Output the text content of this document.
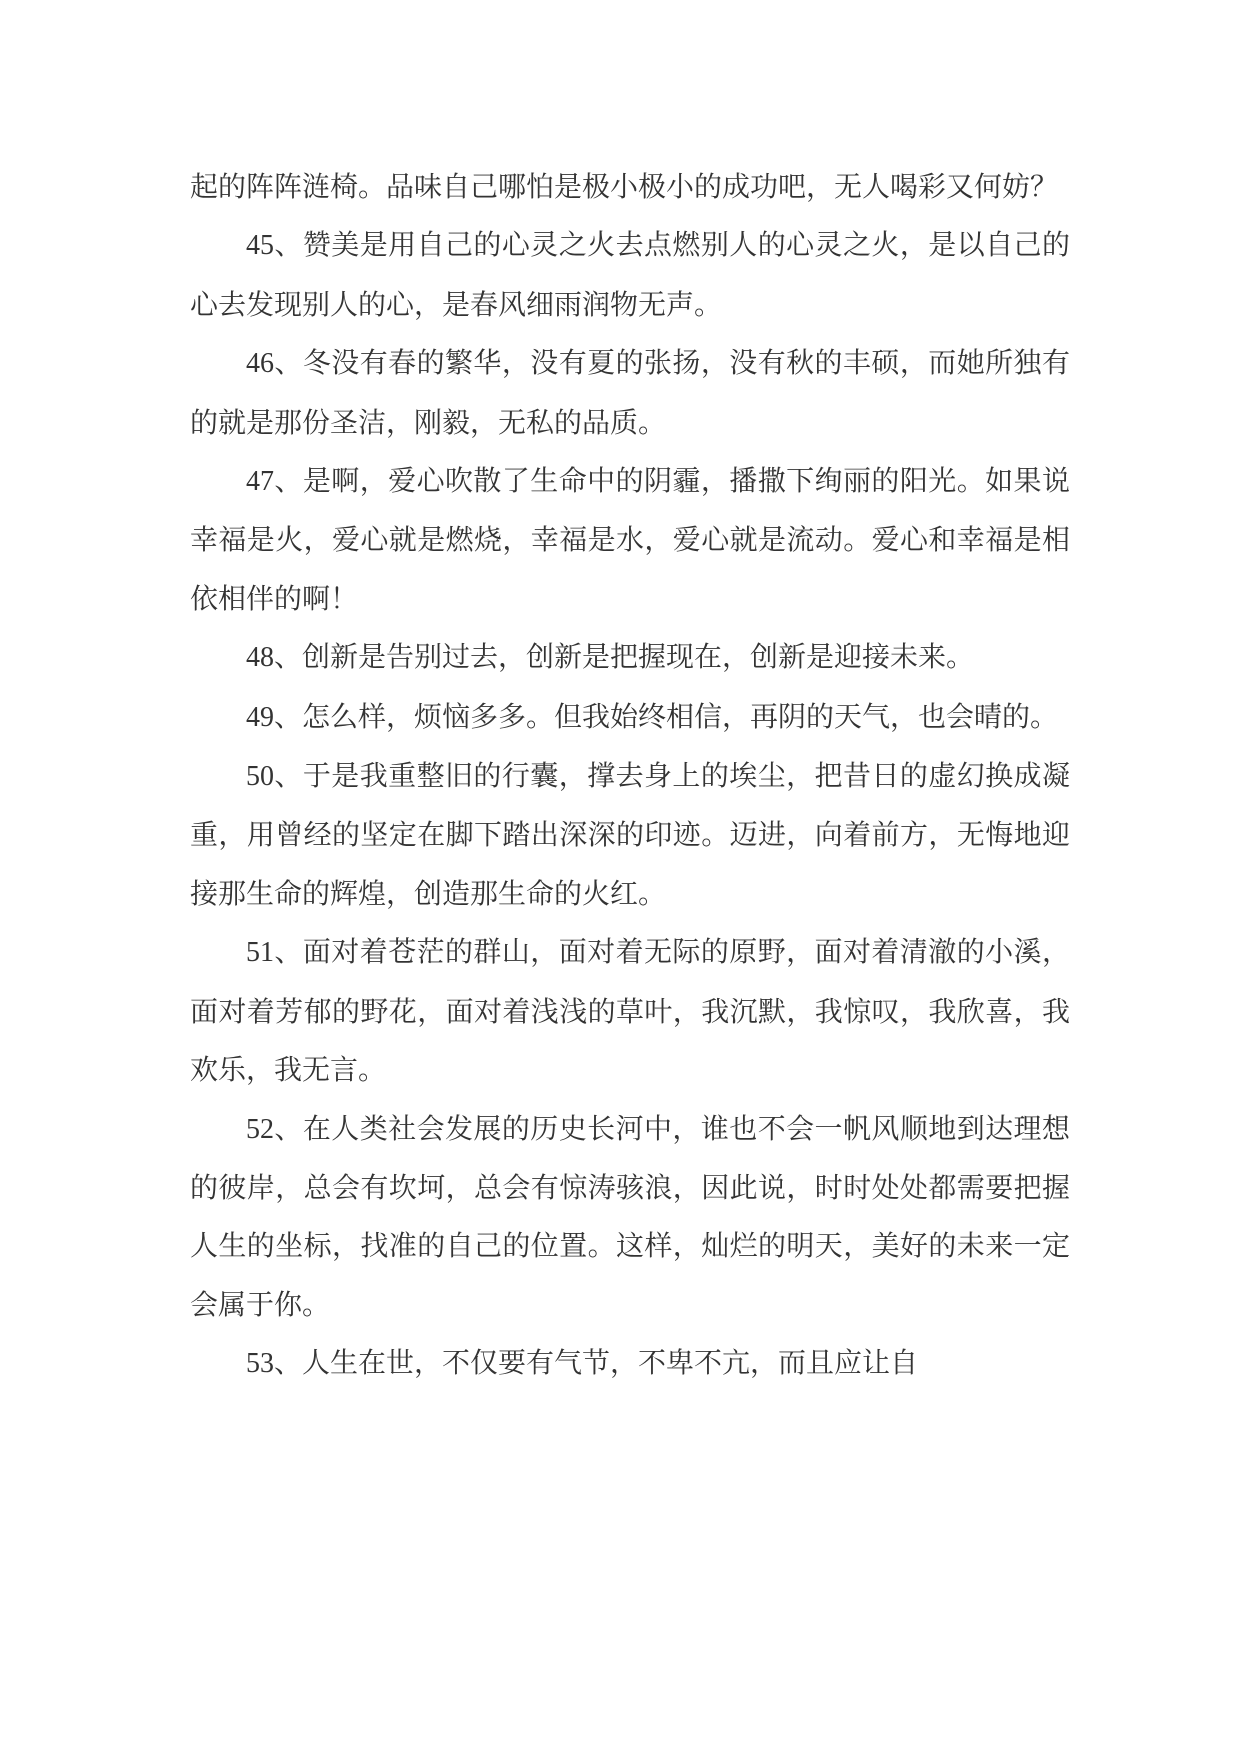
起的阵阵涟椅。品味自己哪怕是极小极小的成功吧，无人喝彩又何妨？

45、赞美是用自己的心灵之火去点燃别人的心灵之火，是以自己的心去发现别人的心，是春风细雨润物无声。

46、冬没有春的繁华，没有夏的张扬，没有秋的丰硕，而她所独有的就是那份圣洁，刚毅，无私的品质。

47、是啊，爱心吹散了生命中的阴霾，播撒下绚丽的阳光。如果说幸福是火，爱心就是燃烧，幸福是水，爱心就是流动。爱心和幸福是相依相伴的啊！

48、创新是告别过去，创新是把握现在，创新是迎接未来。

49、怎么样，烦恼多多。但我始终相信，再阴的天气，也会晴的。

50、于是我重整旧的行囊，撑去身上的埃尘，把昔日的虚幻换成凝重，用曾经的坚定在脚下踏出深深的印迹。迈进，向着前方，无悔地迎接那生命的辉煌，创造那生命的火红。

51、面对着苍茫的群山，面对着无际的原野，面对着清澈的小溪，面对着芳郁的野花，面对着浅浅的草叶，我沉默，我惊叹，我欣喜，我欢乐，我无言。

52、在人类社会发展的历史长河中，谁也不会一帆风顺地到达理想的彼岸，总会有坎坷，总会有惊涛骇浪，因此说，时时处处都需要把握人生的坐标，找准的自己的位置。这样，灿烂的明天，美好的未来一定会属于你。

53、人生在世，不仅要有气节，不卑不亢，而且应让自
